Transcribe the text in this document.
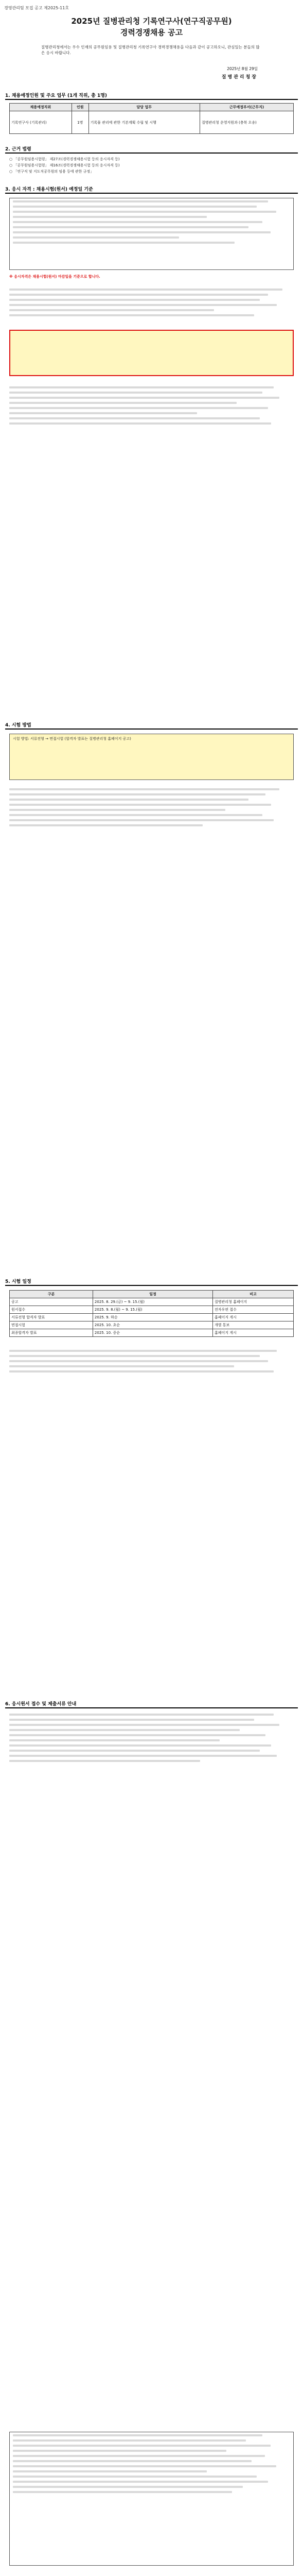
경영관리팀 모집 공고 제2025-11호
2025년 질병관리청 기록연구사(연구직공무원)
경력경쟁채용 공고
질병관리청에서는 우수 인재의 공무원임용 및 질병관리청 기록연구사 경력경쟁채용을 다음과 같이 공고하오니, 관심있는 분들의 많은 응시 바랍니다.
2025년 8월 29일
질병관리청장
1. 채용예정인원 및 주요 업무 (1개 직위, 총 1명)
채용예정직위	인원	담당 업무	근무예정부서(근무지)
기록연구사 (기록관리)	1명	기록물 관리에 관한 기본계획 수립 및 시행	질병관리청 운영지원과 (충북 오송)
2. 근거 법령
○ 「공무원임용시험령」 제27조(경력경쟁채용시험 등의 응시자격 등)
○ 「공무원임용시험령」 제16조(경력경쟁채용시험 등의 응시자격 등)
○ 「연구직 및 지도직공무원의 임용 등에 관한 규정」
3. 응시 자격 : 채용시험(원서) 예정일 기준
※ 응시자격은 채용시험(원서) 마감일을 기준으로 합니다.
4. 시험 방법
시험 방법: 서류전형 → 면접시험 (합격자 발표는 질병관리청 홈페이지 공고)
5. 시험 일정
구분	일정	비고
공고	2025. 8. 29.(금) ~ 9. 15.(월)	질병관리청 홈페이지
원서접수	2025. 9. 8.(월) ~ 9. 15.(월)	전자우편 접수
서류전형 합격자 발표	2025. 9. 하순	홈페이지 게시
면접시험	2025. 10. 초순	개별 통보
최종합격자 발표	2025. 10. 중순	홈페이지 게시
6. 응시원서 접수 및 제출서류 안내
